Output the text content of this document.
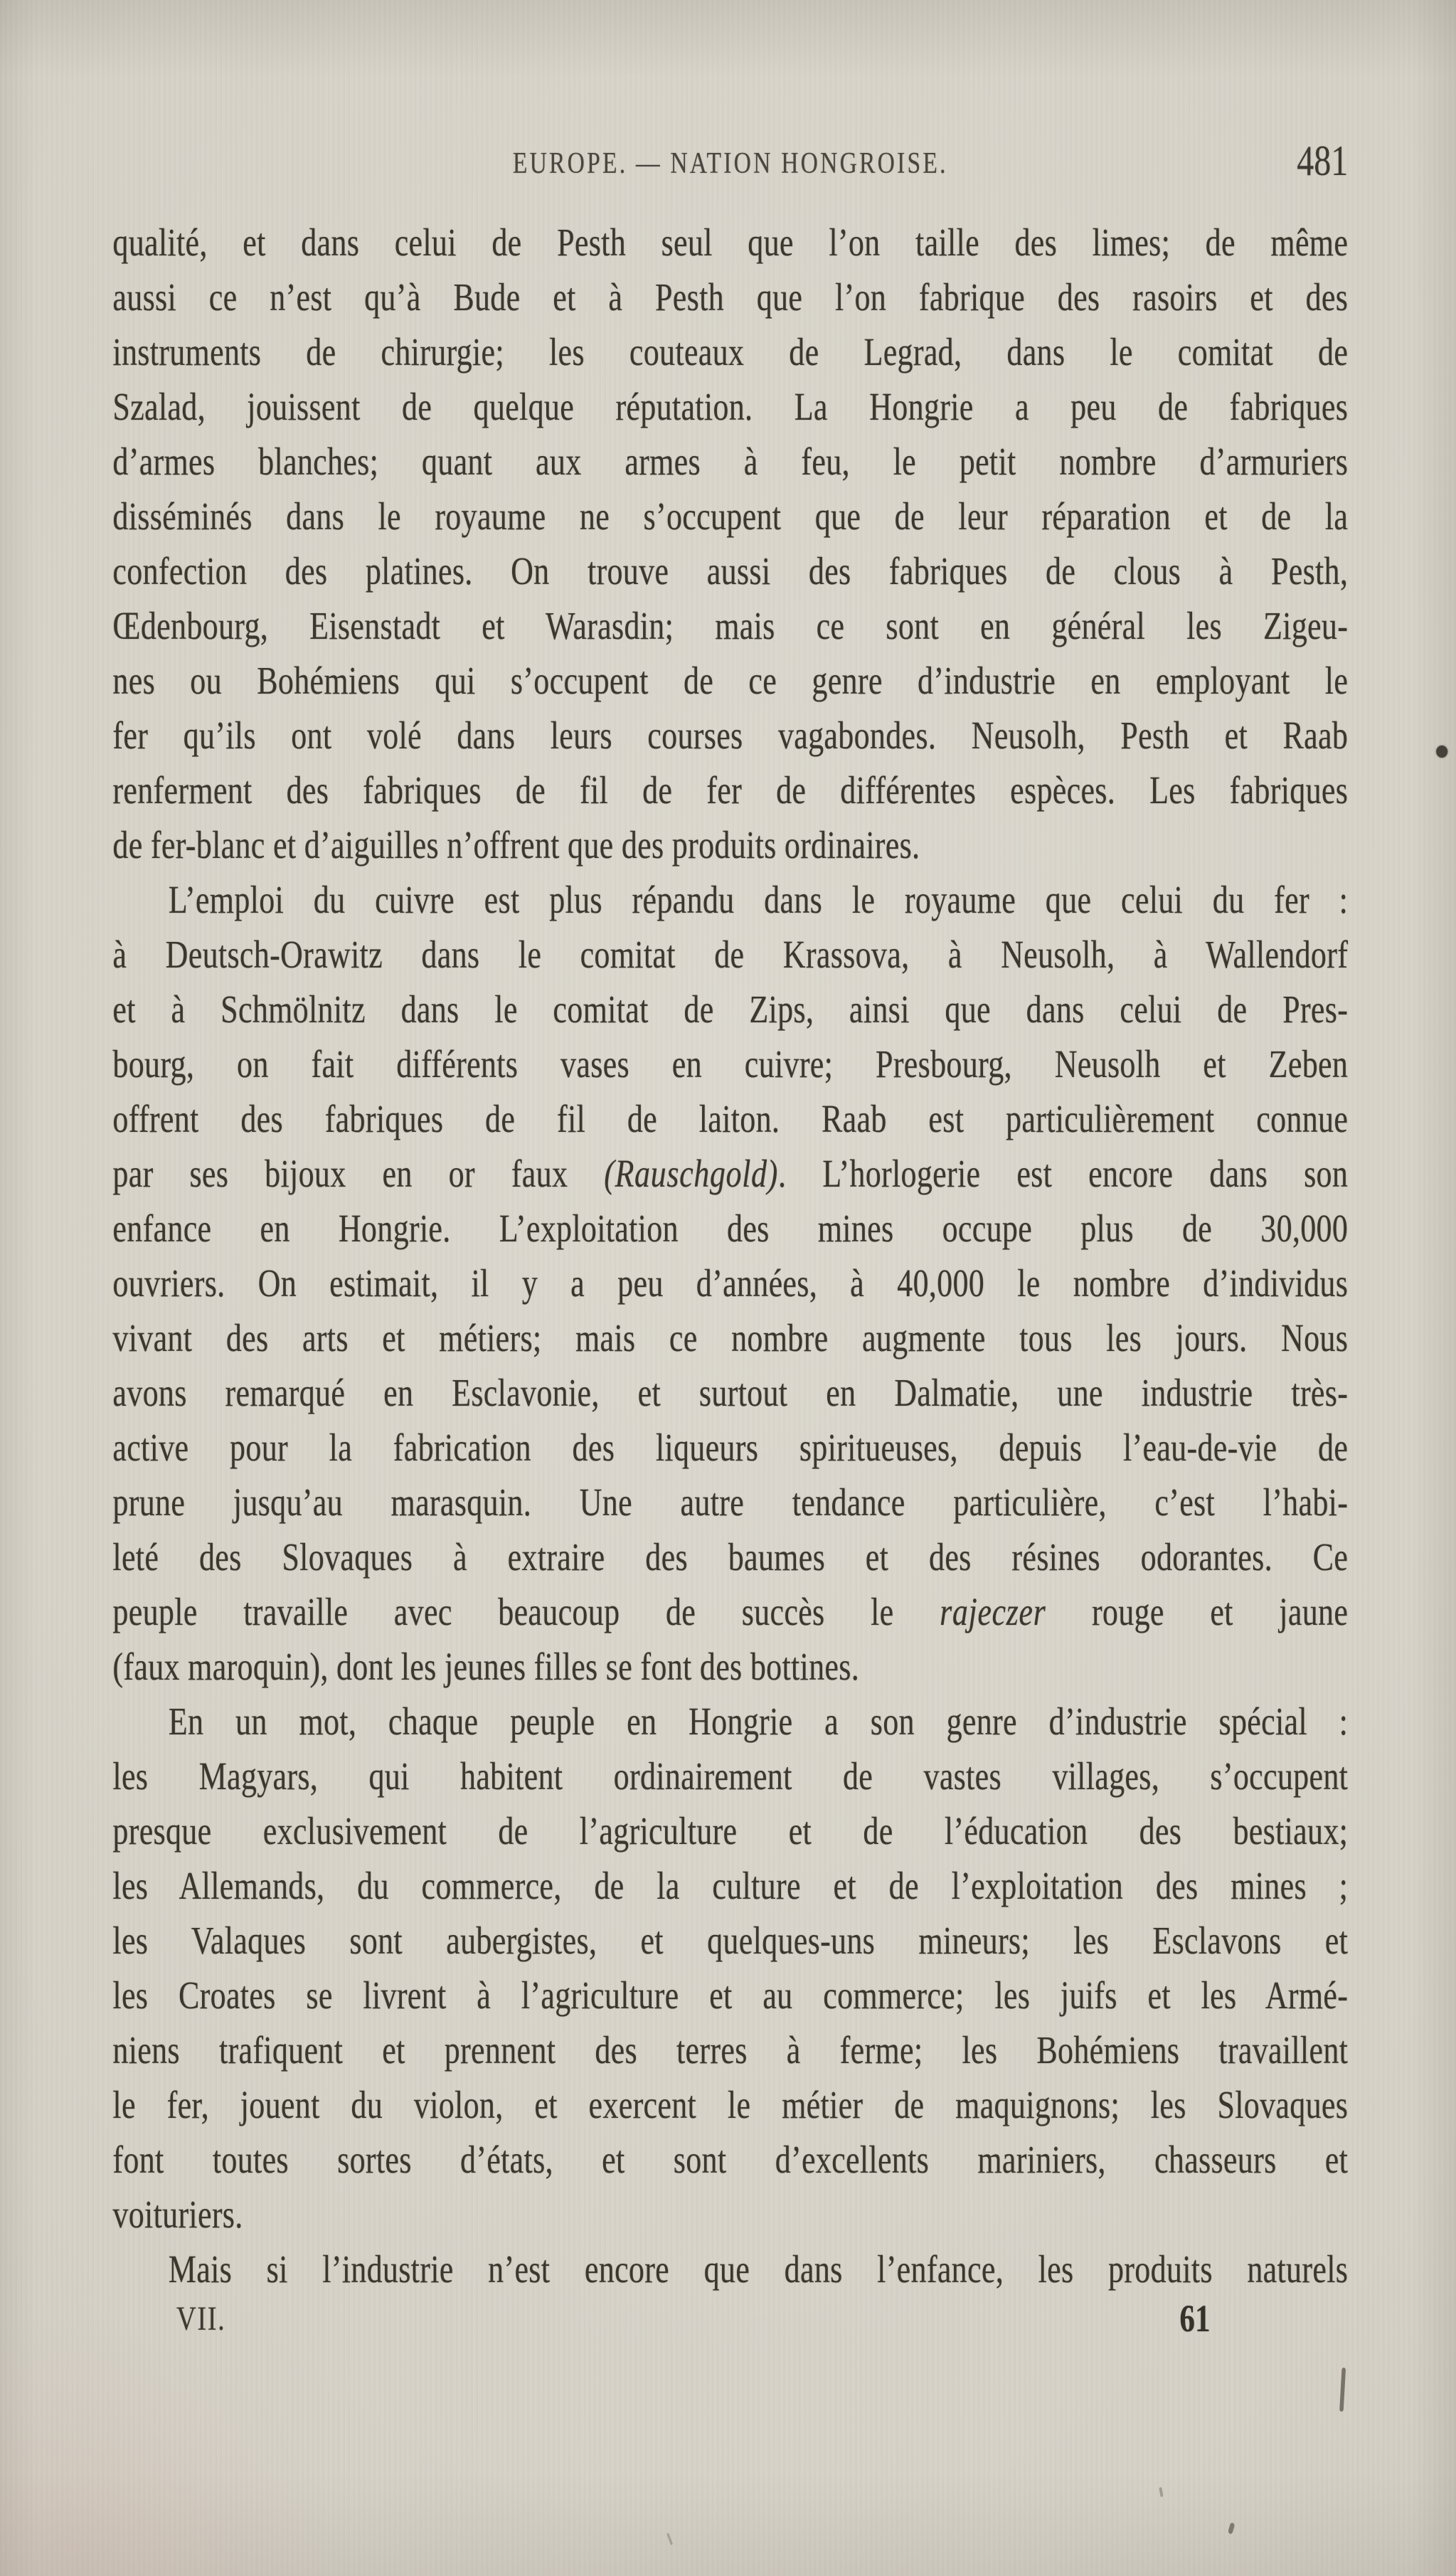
EUROPE. — NATION HONGROISE.	481
qualité, et dans celui de Pesth seul que l’on taille des limes; de même
aussi ce n’est qu’à Bude et à Pesth que l’on fabrique des rasoirs et des
instruments de chirurgie; les couteaux de Legrad, dans le comitat de
Szalad, jouissent de quelque réputation. La Hongrie a peu de fabriques
d’armes blanches; quant aux armes à feu, le petit nombre d’armuriers
disséminés dans le royaume ne s’occupent que de leur réparation et de la
confection des platines. On trouve aussi des fabriques de clous à Pesth,
Œdenbourg, Eisenstadt et Warasdin; mais ce sont en général les Zigeu-
nes ou Bohémiens qui s’occupent de ce genre d’industrie en employant le
fer qu’ils ont volé dans leurs courses vagabondes. Neusolh, Pesth et Raab
renferment des fabriques de fil de fer de différentes espèces. Les fabriques
de fer-blanc et d’aiguilles n’offrent que des produits ordinaires.
L’emploi du cuivre est plus répandu dans le royaume que celui du fer :
à Deutsch-Orawitz dans le comitat de Krassova, à Neusolh, à Wallendorf
et à Schmölnitz dans le comitat de Zips, ainsi que dans celui de Pres-
bourg, on fait différents vases en cuivre; Presbourg, Neusolh et Zeben
offrent des fabriques de fil de laiton. Raab est particulièrement connue
par ses bijoux en or faux (Rauschgold). L’horlogerie est encore dans son
enfance en Hongrie. L’exploitation des mines occupe plus de 30,000
ouvriers. On estimait, il y a peu d’années, à 40,000 le nombre d’individus
vivant des arts et métiers; mais ce nombre augmente tous les jours. Nous
avons remarqué en Esclavonie, et surtout en Dalmatie, une industrie très-
active pour la fabrication des liqueurs spiritueuses, depuis l’eau-de-vie de
prune jusqu’au marasquin. Une autre tendance particulière, c’est l’habi-
leté des Slovaques à extraire des baumes et des résines odorantes. Ce
peuple travaille avec beaucoup de succès le rajeczer rouge et jaune
(faux maroquin), dont les jeunes filles se font des bottines.
En un mot, chaque peuple en Hongrie a son genre d’industrie spécial :
les Magyars, qui habitent ordinairement de vastes villages, s’occupent
presque exclusivement de l’agriculture et de l’éducation des bestiaux;
les Allemands, du commerce, de la culture et de l’exploitation des mines ;
les Valaques sont aubergistes, et quelques-uns mineurs; les Esclavons et
les Croates se livrent à l’agriculture et au commerce; les juifs et les Armé-
niens trafiquent et prennent des terres à ferme; les Bohémiens travaillent
le fer, jouent du violon, et exercent le métier de maquignons; les Slovaques
font toutes sortes d’états, et sont d’excellents mariniers, chasseurs et
voituriers.
Mais si l’industrie n’est encore que dans l’enfance, les produits naturels
VII.	61
